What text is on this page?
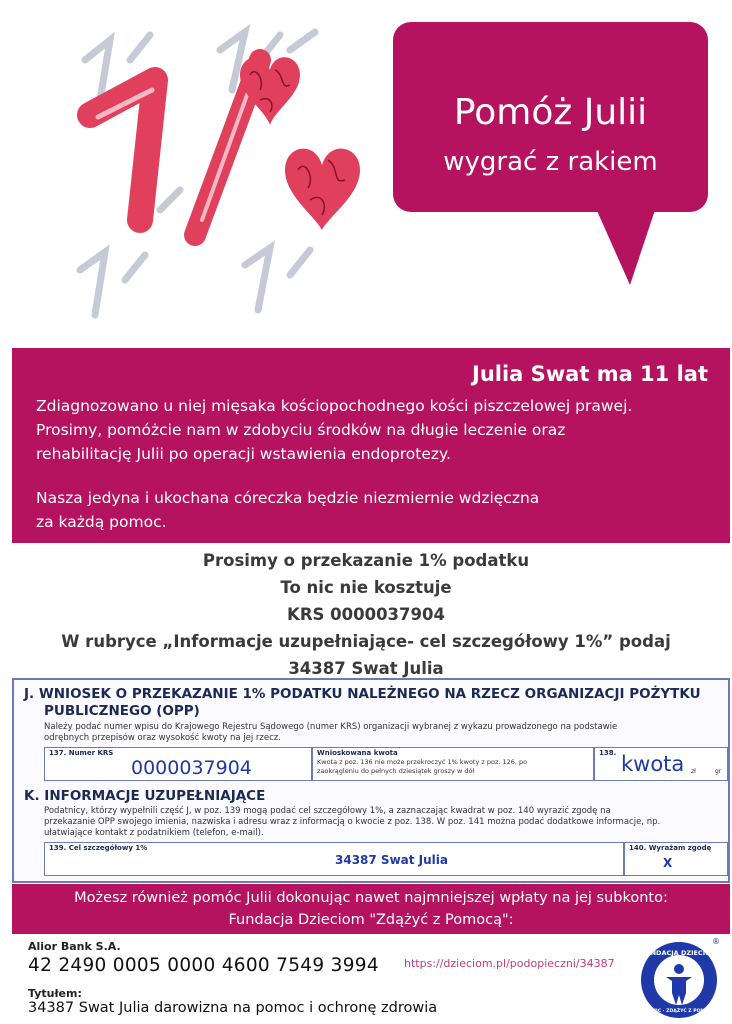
Pomóż Julii
wygrać z rakiem
Julia Swat ma 11 lat
Zdiagnozowano u niej mięsaka kościopochodnego kości piszczelowej prawej.
Prosimy, pomóżcie nam w zdobyciu środków na długie leczenie oraz
rehabilitację Julii po operacji wstawienia endoprotezy.
Nasza jedyna i ukochana córeczka będzie niezmiernie wdzięczna
za każdą pomoc.
Prosimy o przekazanie 1% podatku
To nic nie kosztuje
KRS 0000037904
W rubryce „Informacje uzupełniające- cel szczegółowy 1%” podaj
34387 Swat Julia
J. WNIOSEK O PRZEKAZANIE 1% PODATKU NALEŻNEGO NA RZECZ ORGANIZACJI POŻYTKU
PUBLICZNEGO (OPP)
Należy podać numer wpisu do Krajowego Rejestru Sądowego (numer KRS) organizacji wybranej z wykazu prowadzonego na podstawie
odrębnych przepisów oraz wysokość kwoty na jej rzecz.
137. Numer KRS
0000037904
Wnioskowana kwota
Kwota z poz. 136 nie może przekroczyć 1% kwoty z poz. 126, po
zaokrągleniu do pełnych dziesiątek groszy w dół
138. kwota zł	gr
K. INFORMACJE UZUPEŁNIAJĄCE
Podatnicy, którzy wypełnili część J, w poz. 139 mogą podać cel szczegółowy 1%, a zaznaczając kwadrat w poz. 140 wyrazić zgodę na
przekazanie OPP swojego imienia, nazwiska i adresu wraz z informacją o kwocie z poz. 138. W poz. 141 można podać dodatkowe informacje, np.
ułatwiające kontakt z podatnikiem (telefon, e-mail).
139. Cel szczegółowy 1%
34387 Swat Julia
140. Wyrażam zgodę
X
Możesz również pomóc Julii dokonując nawet najmniejszej wpłaty na jej subkonto:
Fundacja Dzieciom "Zdążyć z Pomocą":
Alior Bank S.A.
42 2490 0005 0000 4600 7549 3994 https://dzieciom.pl/podopieczni/34387
Tytułem:
34387 Swat Julia darowizna na pomoc i ochronę zdrowia
FUNDACJA DZIECIOM
POMOC · ZDĄŻYĆ Z POMOCĄ
®
